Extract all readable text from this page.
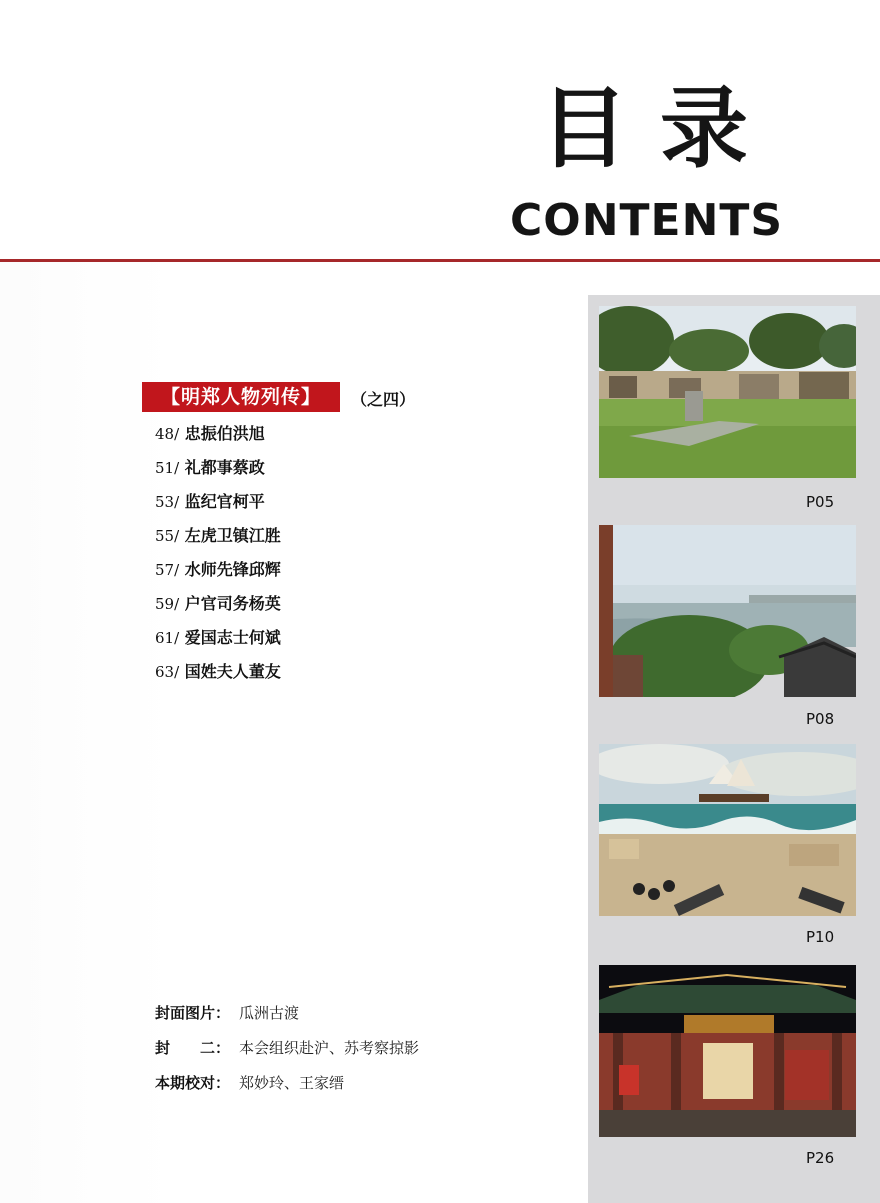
目录
CONTENTS
【明郑人物列传】	（之四）
48/ 忠振伯洪旭
51/ 礼都事蔡政
53/ 监纪官柯平
55/ 左虎卫镇江胜
57/ 水师先锋邱辉
59/ 户官司务杨英
61/ 爱国志士何斌
63/ 国姓夫人董友
封面图片： 瓜洲古渡
封　　二： 本会组织赴沪、苏考察掠影
本期校对： 郑妙玲、王家缙
P05
P08
P10
P26
